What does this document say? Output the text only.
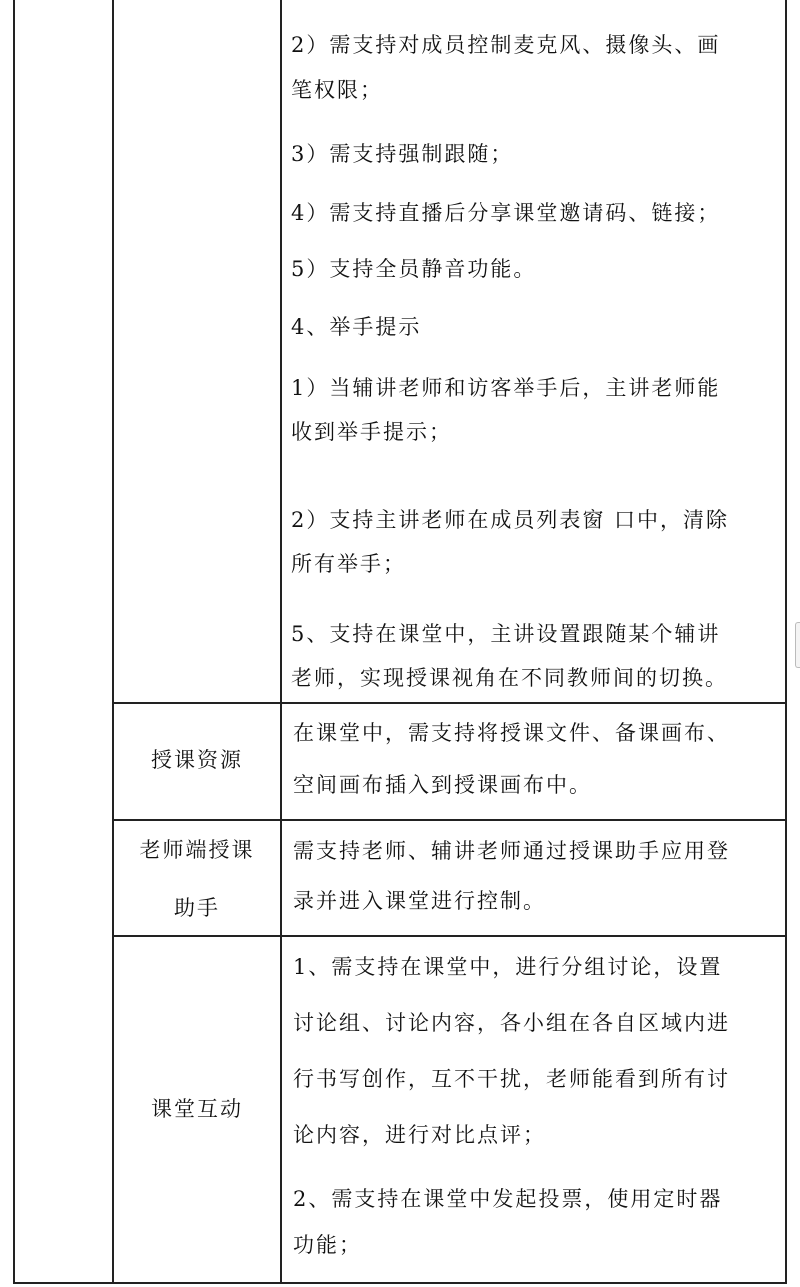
2）需支持对成员控制麦克风、摄像头、画
笔权限；
3）需支持强制跟随；
4）需支持直播后分享课堂邀请码、链接；
5）支持全员静音功能。
4、举手提示
1）当辅讲老师和访客举手后，主讲老师能
收到举手提示；
2）支持主讲老师在成员列表窗 口中，清除
所有举手；
5、支持在课堂中，主讲设置跟随某个辅讲
老师，实现授课视角在不同教师间的切换。
授课资源
在课堂中，需支持将授课文件、备课画布、
空间画布插入到授课画布中。
老师端授课
助手
需支持老师、辅讲老师通过授课助手应用登
录并进入课堂进行控制。
课堂互动
1、需支持在课堂中，进行分组讨论，设置
讨论组、讨论内容，各小组在各自区域内进
行书写创作，互不干扰，老师能看到所有讨
论内容，进行对比点评；
2、需支持在课堂中发起投票，使用定时器
功能；
